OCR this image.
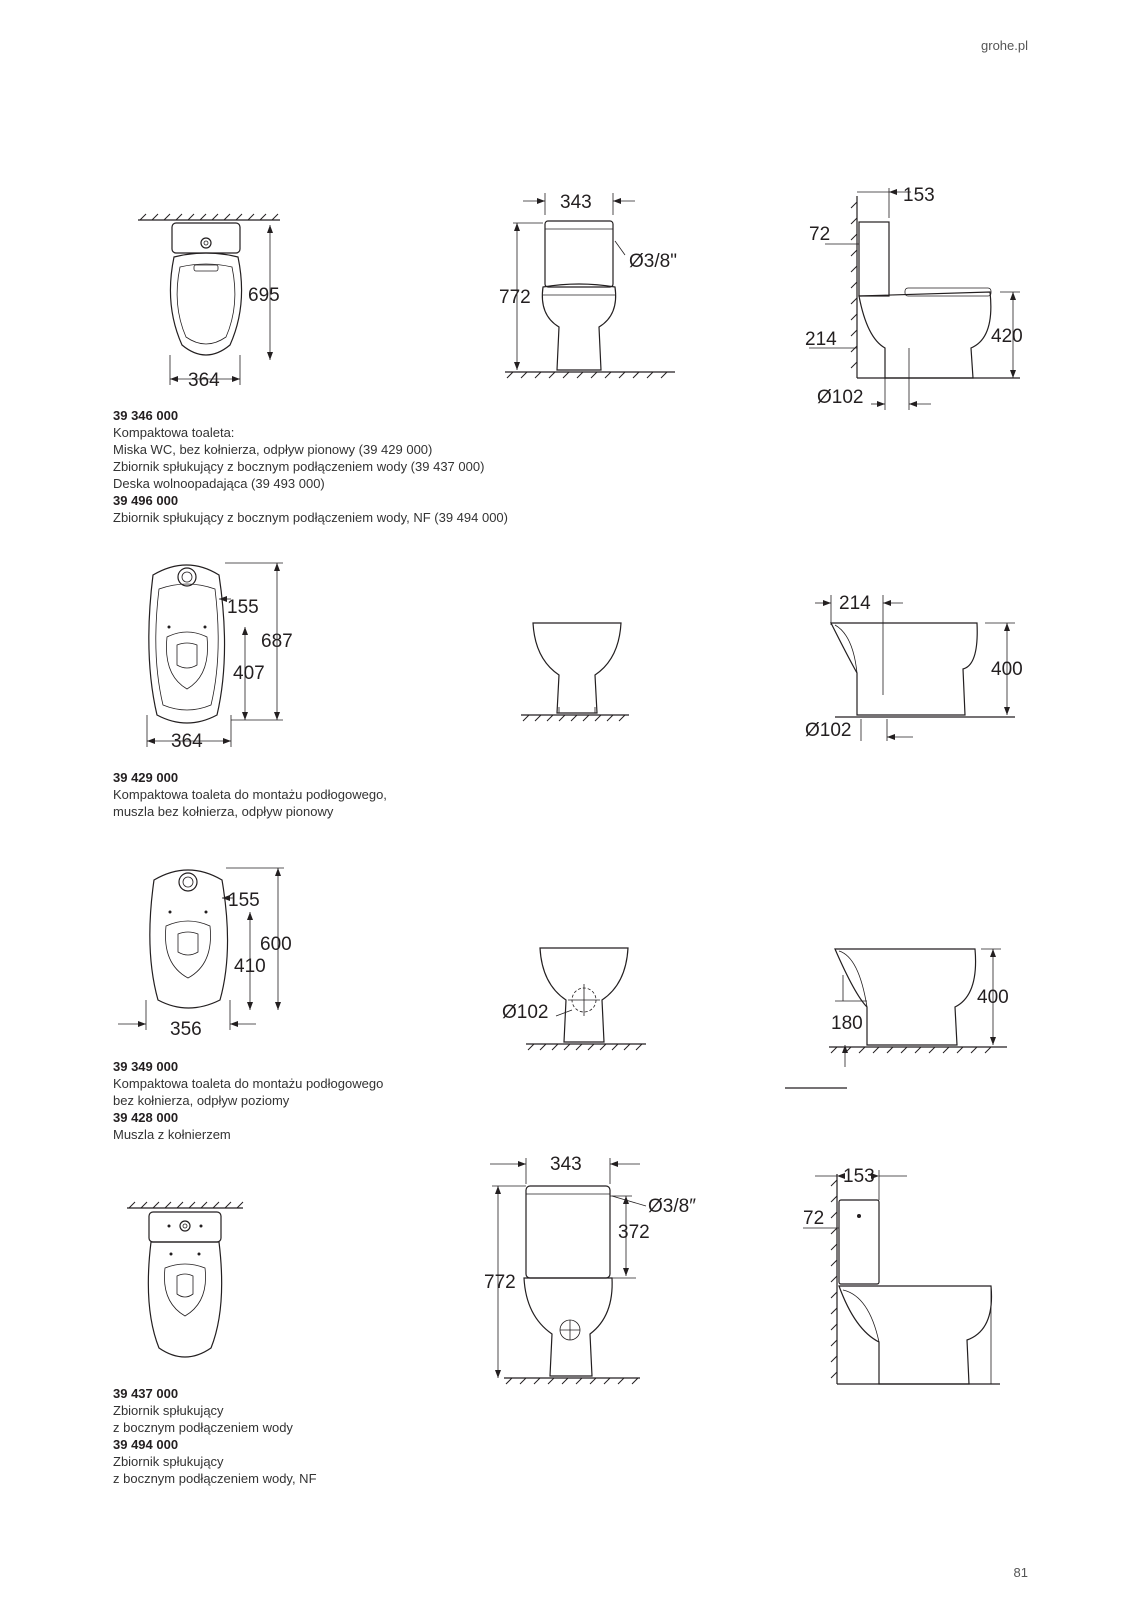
grohe.pl
695
364
343
Ø3/8"
772
153
72
420
214
Ø102
39 346 000
Kompaktowa toaleta:
Miska WC, bez kołnierza, odpływ pionowy (39 429 000)
Zbiornik spłukujący z bocznym podłączeniem wody (39 437 000)
Deska wolnoopadająca (39 493 000)
39 496 000
Zbiornik spłukujący z bocznym podłączeniem wody, NF (39 494 000)
155
687
407
364
214
400
Ø102
39 429 000
Kompaktowa toaleta do montażu podłogowego,
muszla bez kołnierza, odpływ pionowy
155
600
410
356
Ø102
400
180
39 349 000
Kompaktowa toaleta do montażu podłogowego
bez kołnierza, odpływ poziomy
39 428 000
Muszla z kołnierzem
343
Ø3/8″
372
772
153
72
39 437 000
Zbiornik spłukujący
z bocznym podłączeniem wody
39 494 000
Zbiornik spłukujący
z bocznym podłączeniem wody, NF
81
